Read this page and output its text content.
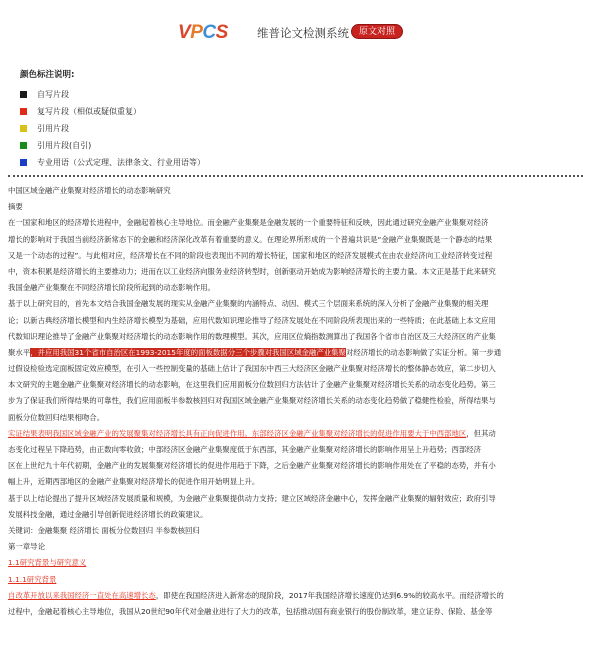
VPCS	维普论文检测系统	原文对照
颜色标注说明:
自写片段
复写片段（相似或疑似重复）
引用片段
引用片段(自引)
专业用语（公式定理、法律条文、行业用语等）
中国区域金融产业集聚对经济增长的动态影响研究
摘要
在一国家和地区的经济增长进程中，金融起着核心主导地位。而金融产业集聚是金融发展的一个重要特征和反映，因此通过研究金融产业集聚对经济
增长的影响对于我国当前经济新常态下的金融和经济深化改革有着重要的意义。在理论界所形成的一个普遍共识是“金融产业集聚既是一个静态的结果
又是一个动态的过程”。与此相对应，经济增长在不同的阶段也表现出不同的增长特征，国家和地区的经济发展模式在由农业经济向工业经济转变过程
中，资本积累是经济增长的主要推动力；进而在以工业经济向服务业经济转型时，创新驱动开始成为影响经济增长的主要力量。本文正是基于此来研究
我国金融产业集聚在不同经济增长阶段所起到的动态影响作用。
基于以上研究目的，首先本文结合我国金融发展的现实从金融产业集聚的内涵特点、动因、模式三个层面来系统的深入分析了金融产业集聚的相关理
论；以新古典经济增长模型和内生经济增长模型为基础，应用代数知识理论推导了经济发展处在不同阶段所表现出来的一些特质；在此基础上本文应用
代数知识理论推导了金融产业集聚对经济增长的动态影响作用的数理模型。其次，应用区位熵指数测算出了我国各个省市自治区及三大经济区的产业集
聚水平，并应用我国31个省市自治区在1993-2015年度的面板数据分三个步骤对我国区域金融产业集聚对经济增长的动态影响做了实证分析。第一步通
过假设检验选定面板固定效应模型，在引入一些控制变量的基础上估计了我国东中西三大经济区金融产业集聚对经济增长的整体静态效应，第二步切入
本文研究的主题金融产业集聚对经济增长的动态影响，在这里我们应用面板分位数回归方法估计了金融产业集聚对经济增长关系的动态变化趋势。第三
步为了保证我们所得结果的可靠性，我们应用面板半参数核回归对我国区域金融产业集聚对经济增长关系的动态变化趋势做了稳健性检验，所得结果与
面板分位数回归结果相吻合。
实证结果表明我国区域金融产业的发展聚集对经济增长具有正向促进作用。东部经济区金融产业集聚对经济增长的促进作用要大于中西部地区，但其动
态变化过程呈下降趋势，由正数向零收敛；中部经济区金融产业集聚度低于东西部，其金融产业集聚对经济增长的影响作用呈上升趋势；西部经济
区在上世纪九十年代初期，金融产业的发展集聚对经济增长的促进作用趋于下降，之后金融产业集聚对经济增长的影响作用处在了平稳的态势，并有小
幅上升，近期西部地区的金融产业集聚对经济增长的促进作用开始明显上升。
基于以上结论提出了提升区域经济发展质量和规模，为金融产业集聚提供动力支持；建立区域经济金融中心，发挥金融产业集聚的辐射效应；政府引导
发展科技金融，通过金融引导创新促进经济增长的政策建议。
关键词：金融集聚 经济增长 面板分位数回归 半参数核回归
第一章导论
1.1研究背景与研究意义
1.1.1研究背景
自改革开放以来我国经济一直处在高速增长态，即使在我国经济进入新常态的现阶段，2017年我国经济增长速度仍达到6.9%的较高水平。而经济增长的
过程中，金融起着核心主导地位，我国从20世纪90年代对金融业进行了大力的改革，包括推动国有商业银行的股份制改革，建立证券、保险、基金等
